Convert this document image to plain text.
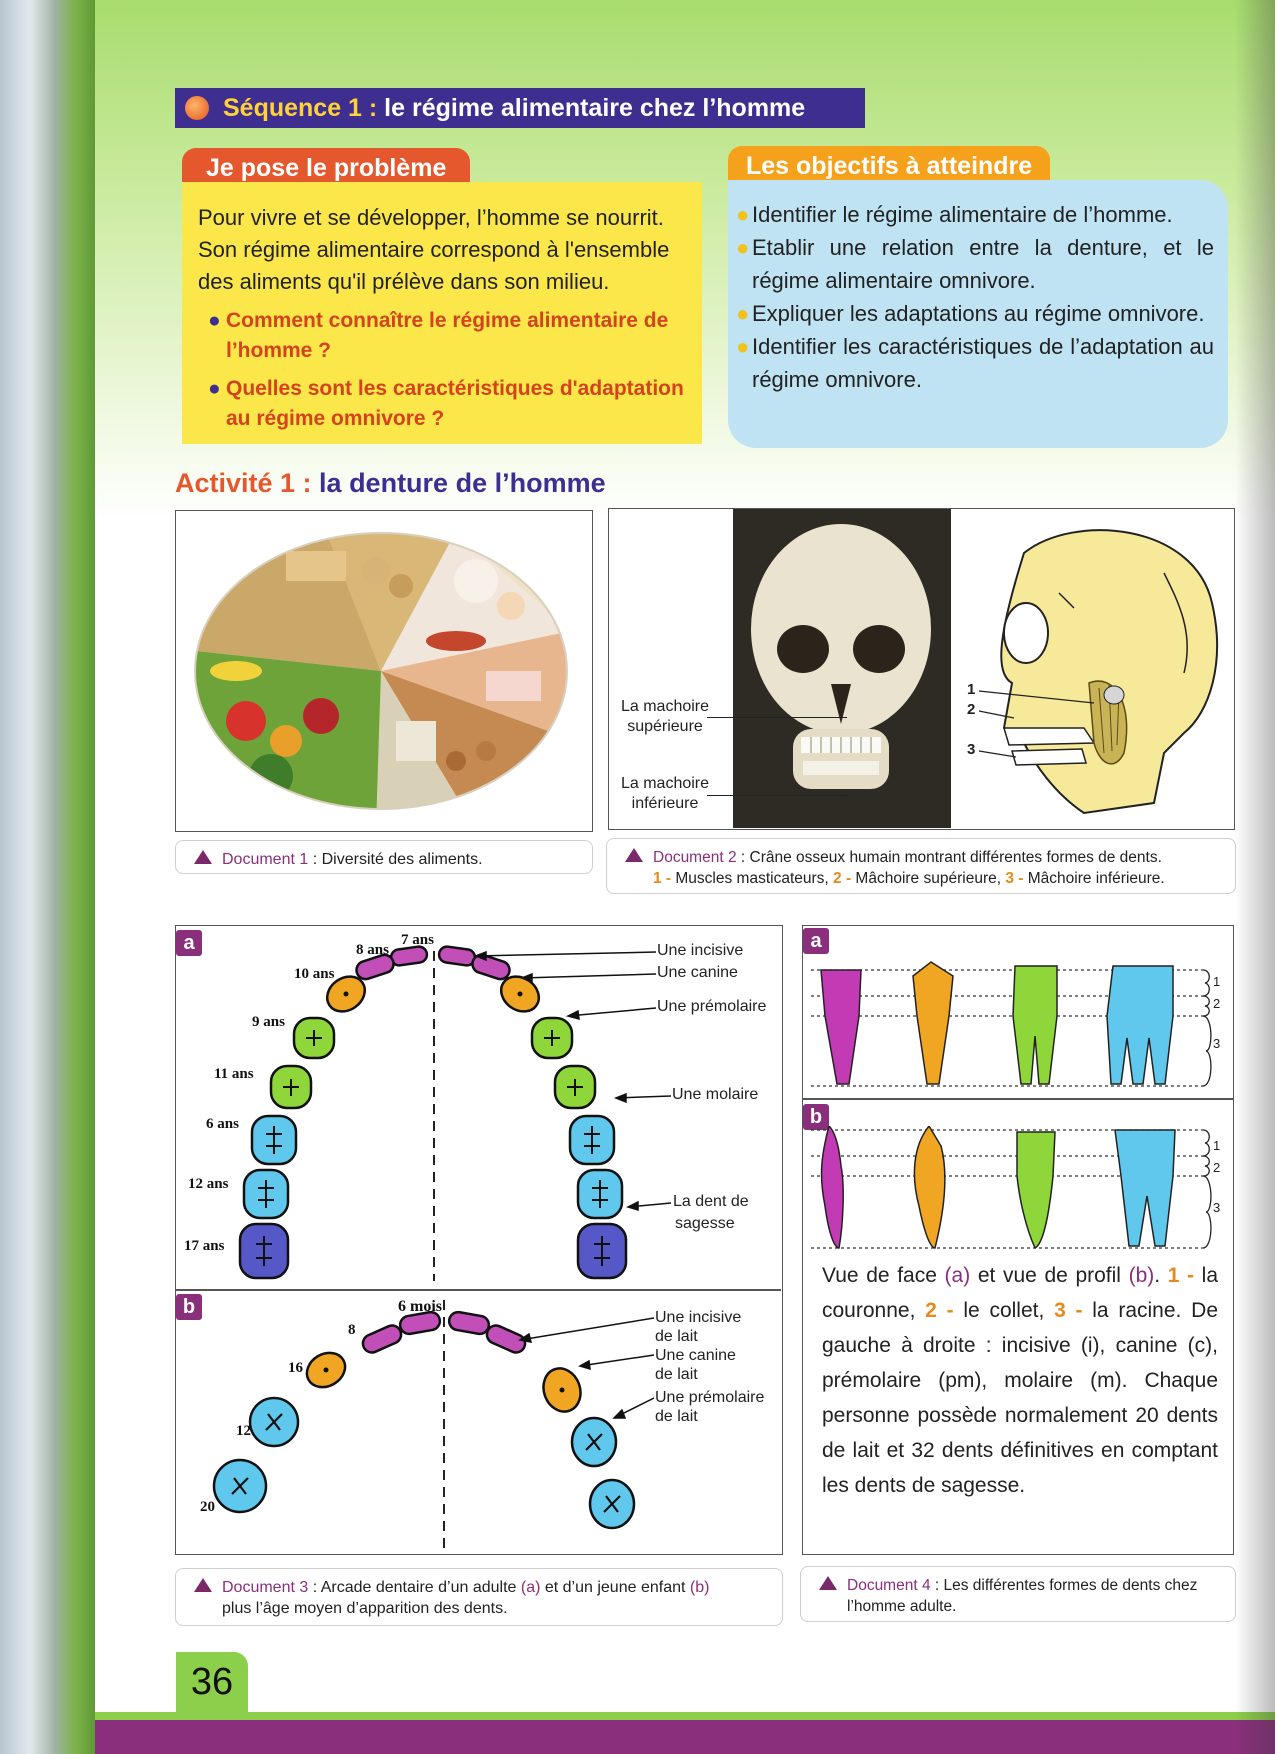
Séquence 1 : le régime alimentaire chez l’homme
Je pose le problème
Pour vivre et se développer, l’homme se nourrit. Son régime alimentaire correspond à l'ensemble des aliments qu'il prélève dans son milieu.
● Comment connaître le régime alimentaire de l’homme ?
● Quelles sont les caractéristiques d'adaptation au régime omnivore ?
Les objectifs à atteindre
● Identifier le régime alimentaire de l’homme.
● Etablir une relation entre la denture, et le régime alimentaire omnivore.
● Expliquer les adaptations au régime omnivore.
● Identifier les caractéristiques de l’adaptation au régime omnivore.
Activité 1 : la denture de l’homme
Document 1 : Diversité des aliments.
La machoire
supérieure
La machoire
inférieure
1
2
3
Document 2 : Crâne osseux humain montrant différentes formes de dents.
1 - Muscles masticateurs, 2 - Mâchoire supérieure, 3 - Mâchoire inférieure.
a
b
7 ans
8 ans
10 ans
9 ans
11 ans
6 ans
12 ans
17 ans
Une incisive
Une canine
Une prémolaire
Une molaire
La dent de
sagesse
6 mois
8
16
12
20
Une incisive
de lait
Une canine
de lait
Une prémolaire
de lait
Document 3 : Arcade dentaire d’un adulte (a) et d’un jeune enfant (b)
plus l’âge moyen d’apparition des dents.
a
b
1
2
3
1
2
3
Vue de face (a) et vue de profil (b). 1 - la couronne, 2 - le collet, 3 - la racine. De gauche à droite : incisive (i), canine (c), prémolaire (pm), molaire (m). Chaque personne possède normalement 20 dents de lait et 32 dents définitives en comptant les dents de sagesse.
Document 4 : Les différentes formes de dents chez
l’homme adulte.
36
